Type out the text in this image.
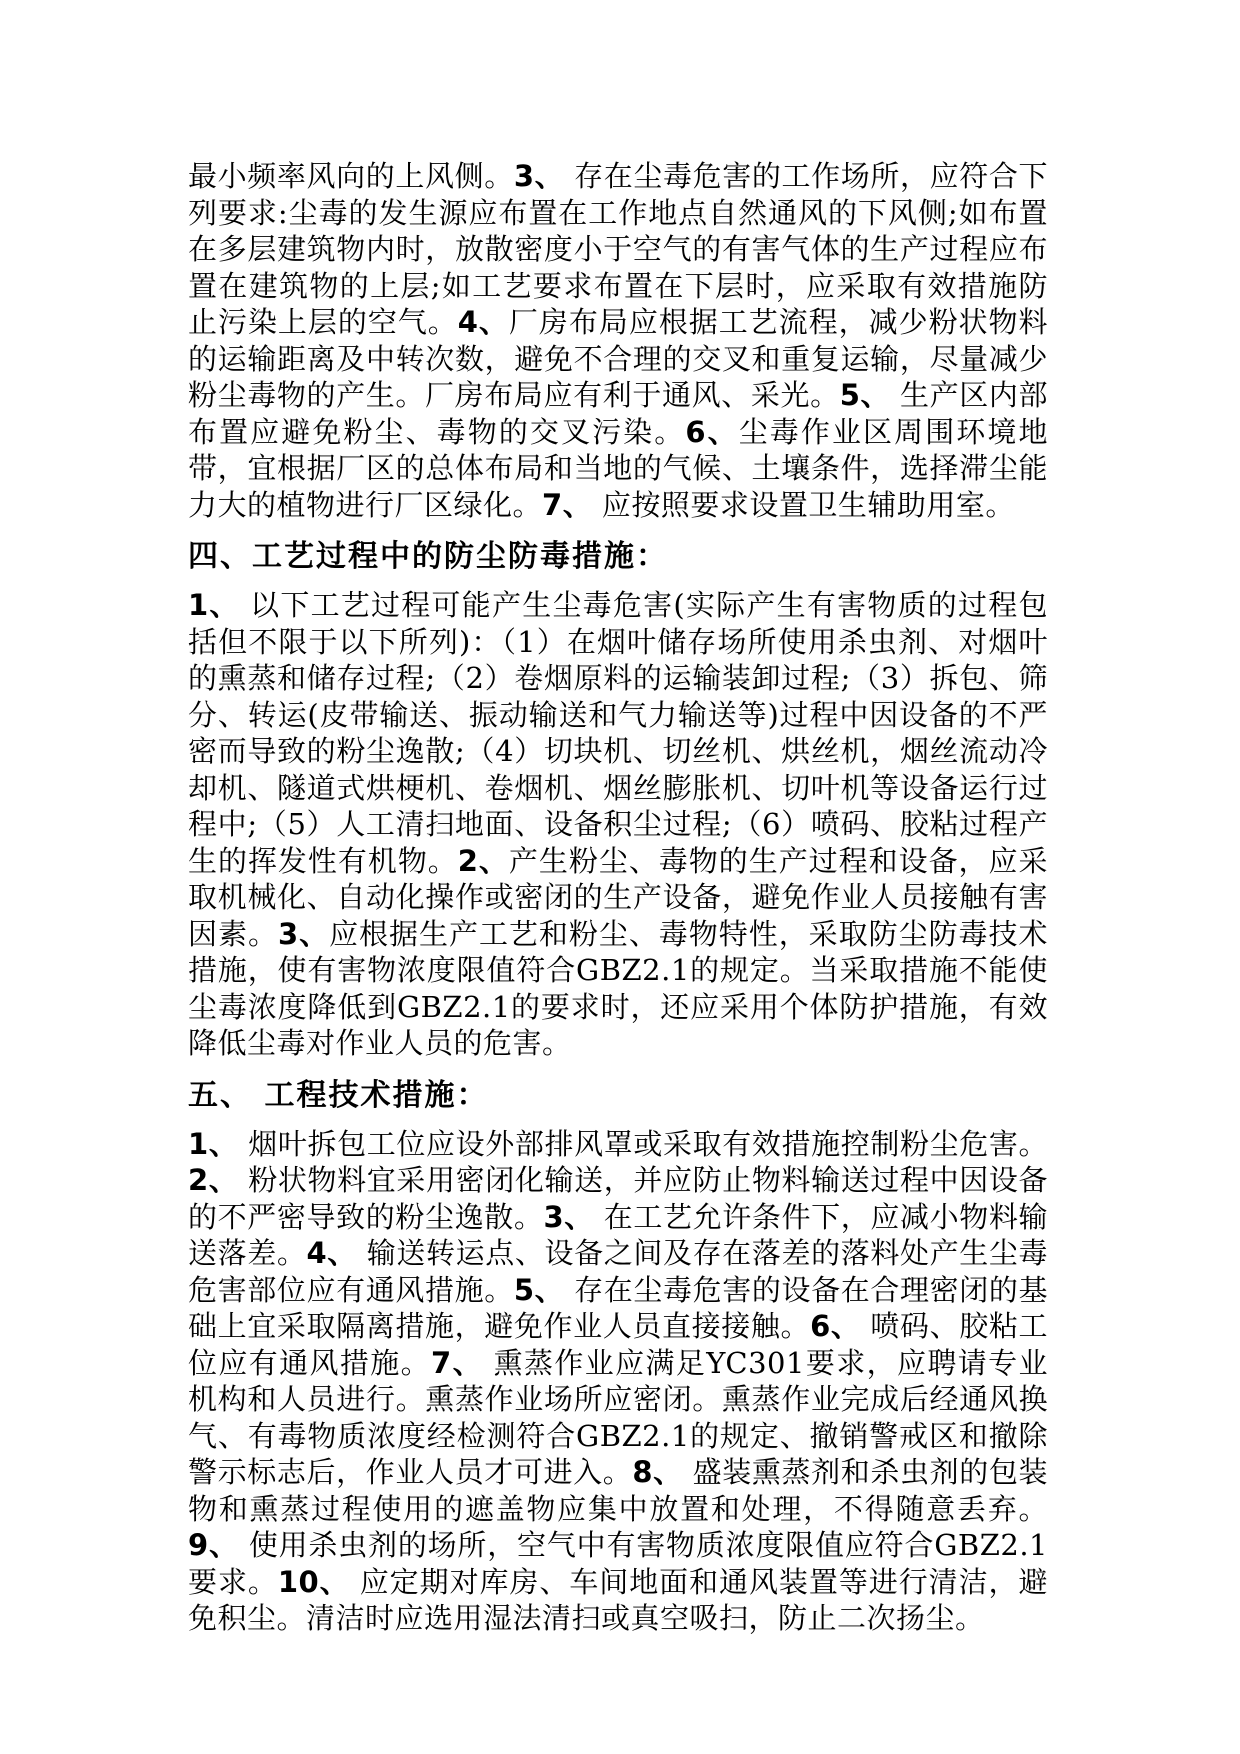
最小频率风向的上风侧。3、 存在尘毒危害的工作场所，应符合下列要求:尘毒的发生源应布置在工作地点自然通风的下风侧;如布置在多层建筑物内时，放散密度小于空气的有害气体的生产过程应布置在建筑物的上层;如工艺要求布置在下层时，应采取有效措施防止污染上层的空气。4、厂房布局应根据工艺流程，减少粉状物料的运输距离及中转次数，避免不合理的交叉和重复运输，尽量减少粉尘毒物的产生。厂房布局应有利于通风、采光。5、 生产区内部布置应避免粉尘、毒物的交叉污染。6、尘毒作业区周围环境地带，宜根据厂区的总体布局和当地的气候、土壤条件，选择滞尘能力大的植物进行厂区绿化。7、 应按照要求设置卫生辅助用室。

四、工艺过程中的防尘防毒措施：

1、 以下工艺过程可能产生尘毒危害(实际产生有害物质的过程包括但不限于以下所列)：（1）在烟叶储存场所使用杀虫剂、对烟叶的熏蒸和储存过程;（2）卷烟原料的运输装卸过程;（3）拆包、筛分、转运(皮带输送、振动输送和气力输送等)过程中因设备的不严密而导致的粉尘逸散;（4）切块机、切丝机、烘丝机，烟丝流动冷却机、隧道式烘梗机、卷烟机、烟丝膨胀机、切叶机等设备运行过程中;（5）人工清扫地面、设备积尘过程;（6）喷码、胶粘过程产生的挥发性有机物。2、产生粉尘、毒物的生产过程和设备，应采取机械化、自动化操作或密闭的生产设备，避免作业人员接触有害因素。3、应根据生产工艺和粉尘、毒物特性，采取防尘防毒技术措施，使有害物浓度限值符合GBZ2.1的规定。当采取措施不能使尘毒浓度降低到GBZ2.1的要求时，还应采用个体防护措施，有效降低尘毒对作业人员的危害。

五、 工程技术措施：

1、 烟叶拆包工位应设外部排风罩或采取有效措施控制粉尘危害。2、 粉状物料宜采用密闭化输送，并应防止物料输送过程中因设备的不严密导致的粉尘逸散。3、 在工艺允许条件下，应减小物料输送落差。4、 输送转运点、设备之间及存在落差的落料处产生尘毒危害部位应有通风措施。5、 存在尘毒危害的设备在合理密闭的基础上宜采取隔离措施，避免作业人员直接接触。6、 喷码、胶粘工位应有通风措施。7、 熏蒸作业应满足YC301要求，应聘请专业机构和人员进行。熏蒸作业场所应密闭。熏蒸作业完成后经通风换气、有毒物质浓度经检测符合GBZ2.1的规定、撤销警戒区和撤除警示标志后，作业人员才可进入。8、 盛装熏蒸剂和杀虫剂的包装物和熏蒸过程使用的遮盖物应集中放置和处理，不得随意丢弃。9、 使用杀虫剂的场所，空气中有害物质浓度限值应符合GBZ2.1要求。10、 应定期对库房、车间地面和通风装置等进行清洁，避免积尘。清洁时应选用湿法清扫或真空吸扫，防止二次扬尘。
